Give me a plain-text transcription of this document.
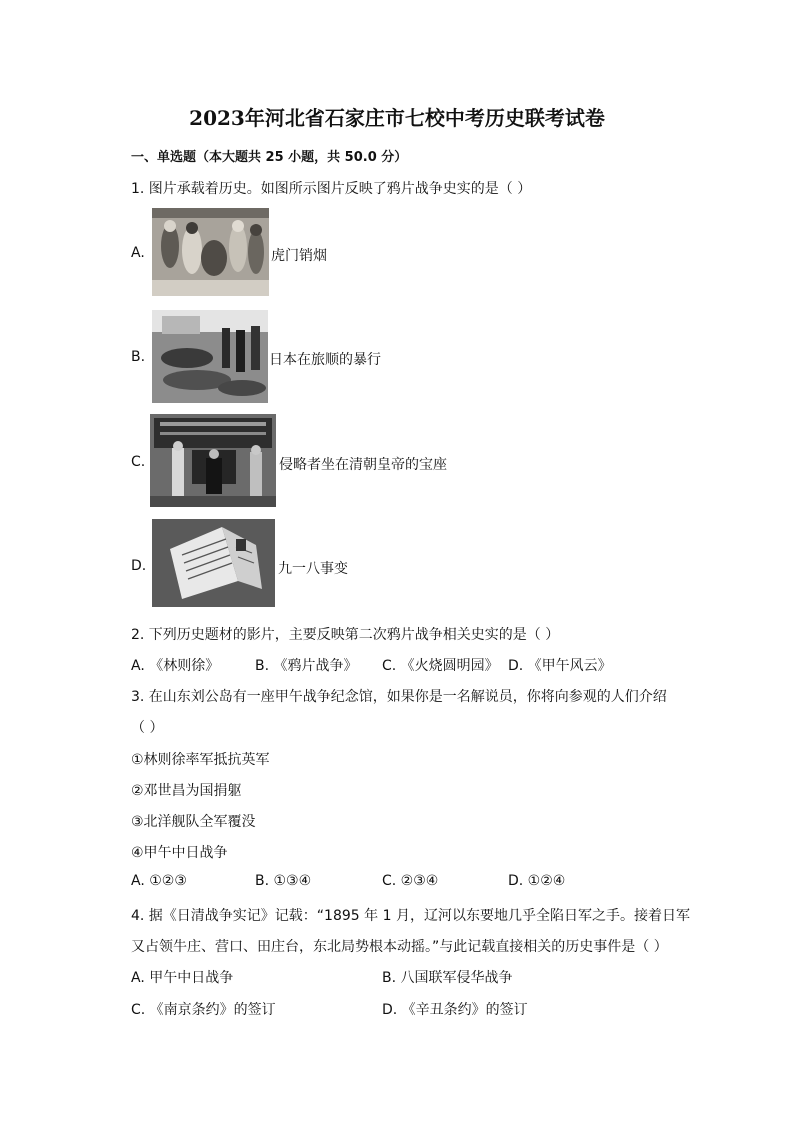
2023年河北省石家庄市七校中考历史联考试卷
一、单选题（本大题共 25 小题，共 50.0 分）
1. 图片承载着历史。如图所示图片反映了鸦片战争史实的是（ ）
A.	虎门销烟
B.	日本在旅顺的暴行
C.	侵略者坐在清朝皇帝的宝座
D.	九一八事变
2. 下列历史题材的影片，主要反映第二次鸦片战争相关史实的是（ ）
A. 《林则徐》	B. 《鸦片战争》 C. 《火烧圆明园》 D. 《甲午风云》
3. 在山东刘公岛有一座甲午战争纪念馆，如果你是一名解说员，你将向参观的人们介绍
（ ）
①林则徐率军抵抗英军
②邓世昌为国捐躯
③北洋舰队全军覆没
④甲午中日战争
A. ①②③	B. ①③④	C. ②③④	D. ①②④
4. 据《日清战争实记》记载：“1895 年 1 月，辽河以东要地几乎全陷日军之手。接着日军
又占领牛庄、营口、田庄台，东北局势根本动摇。”与此记载直接相关的历史事件是（ ）
A. 甲午中日战争	B. 八国联军侵华战争
C. 《南京条约》的签订	D. 《辛丑条约》的签订
